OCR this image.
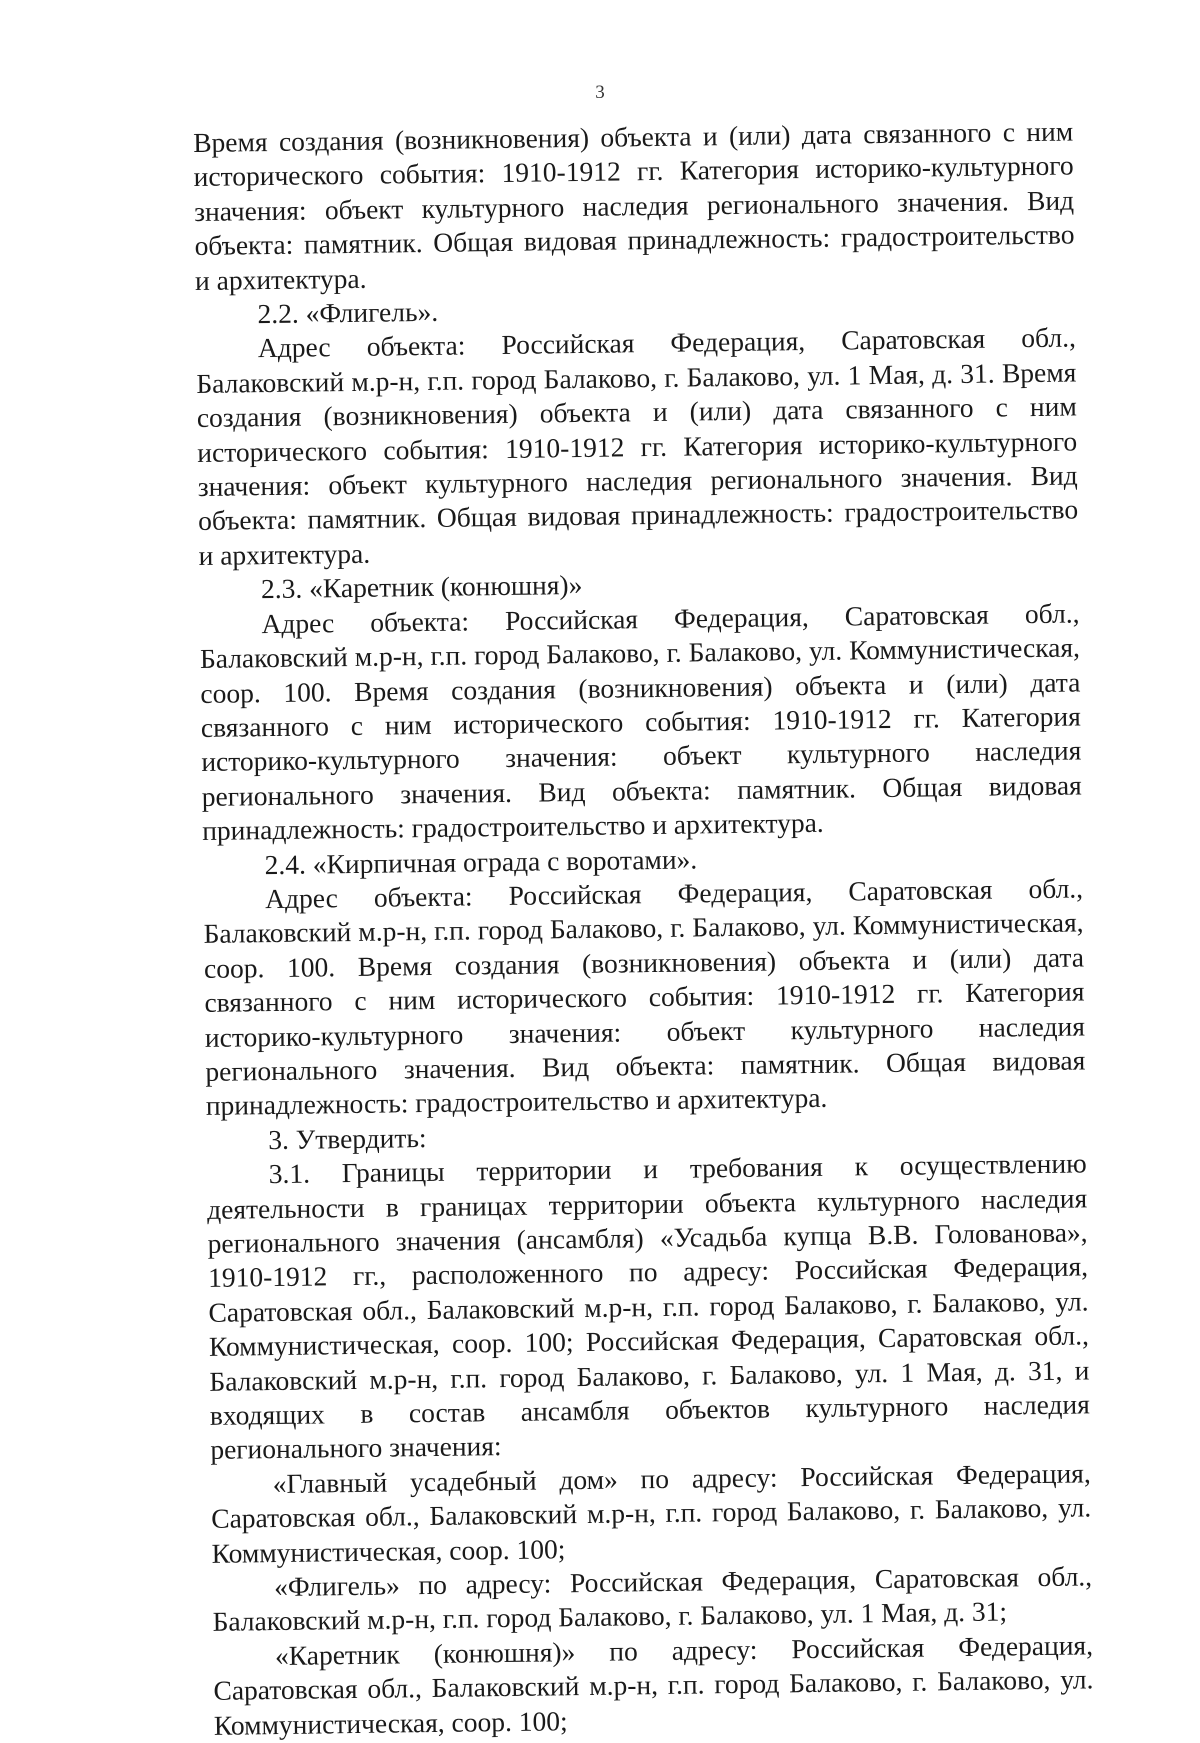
3

Время создания (возникновения) объекта и (или) дата связанного с ним исторического события: 1910-1912 гг. Категория историко-культурного значения: объект культурного наследия регионального значения. Вид объекта: памятник. Общая видовая принадлежность: градостроительство и архитектура.

2.2. «Флигель».

Адрес объекта: Российская Федерация, Саратовская обл., Балаковский м.р-н, г.п. город Балаково, г. Балаково, ул. 1 Мая, д. 31. Время создания (возникновения) объекта и (или) дата связанного с ним исторического события: 1910-1912 гг. Категория историко-культурного значения: объект культурного наследия регионального значения. Вид объекта: памятник. Общая видовая принадлежность: градостроительство и архитектура.

2.3. «Каретник (конюшня)»

Адрес объекта: Российская Федерация, Саратовская обл., Балаковский м.р-н, г.п. город Балаково, г. Балаково, ул. Коммунистическая, соор. 100. Время создания (возникновения) объекта и (или) дата связанного с ним исторического события: 1910-1912 гг. Категория историко-культурного значения: объект культурного наследия регионального значения. Вид объекта: памятник. Общая видовая принадлежность: градостроительство и архитектура.

2.4. «Кирпичная ограда с воротами».

Адрес объекта: Российская Федерация, Саратовская обл., Балаковский м.р-н, г.п. город Балаково, г. Балаково, ул. Коммунистическая, соор. 100. Время создания (возникновения) объекта и (или) дата связанного с ним исторического события: 1910-1912 гг. Категория историко-культурного значения: объект культурного наследия регионального значения. Вид объекта: памятник. Общая видовая принадлежность: градостроительство и архитектура.

3. Утвердить:

3.1. Границы территории и требования к осуществлению деятельности в границах территории объекта культурного наследия регионального значения (ансамбля) «Усадьба купца В.В. Голованова», 1910-1912 гг., расположенного по адресу: Российская Федерация, Саратовская обл., Балаковский м.р-н, г.п. город Балаково, г. Балаково, ул. Коммунистическая, соор. 100; Российская Федерация, Саратовская обл., Балаковский м.р-н, г.п. город Балаково, г. Балаково, ул. 1 Мая, д. 31, и входящих в состав ансамбля объектов культурного наследия регионального значения:

«Главный усадебный дом» по адресу: Российская Федерация, Саратовская обл., Балаковский м.р-н, г.п. город Балаково, г. Балаково, ул. Коммунистическая, соор. 100;

«Флигель» по адресу: Российская Федерация, Саратовская обл., Балаковский м.р-н, г.п. город Балаково, г. Балаково, ул. 1 Мая, д. 31;

«Каретник (конюшня)» по адресу: Российская Федерация, Саратовская обл., Балаковский м.р-н, г.п. город Балаково, г. Балаково, ул. Коммунистическая, соор. 100;
